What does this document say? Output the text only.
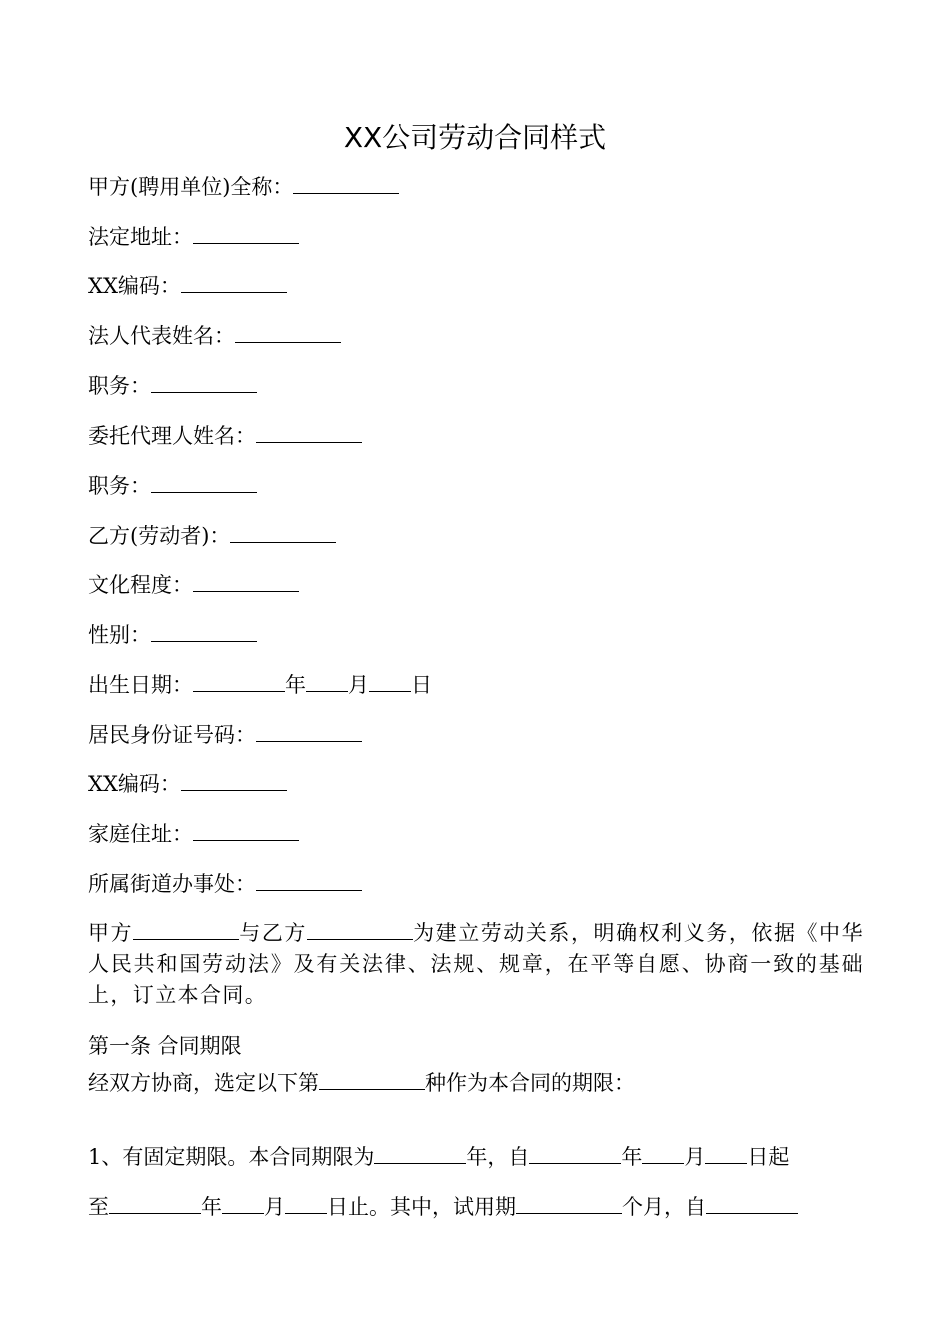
XX公司劳动合同样式
甲方(聘用单位)全称：
法定地址：
XX编码：
法人代表姓名：
职务：
委托代理人姓名：
职务：
乙方(劳动者)：
文化程度：
性别：
出生日期：	年 月 日
居民身份证号码：
XX编码：
家庭住址：
所属街道办事处：
甲方	与乙方	为建立劳动关系，明确权利义务，依据《中华人民共和国劳动法》及有关法律、法规、规章，在平等自愿、协商一致的基础上，订立本合同。
第一条 合同期限
经双方协商，选定以下第	种作为本合同的期限：
1、有固定期限。本合同期限为	年，自	年 月 日起
至	年 月 日止。其中，试用期	个月，自
